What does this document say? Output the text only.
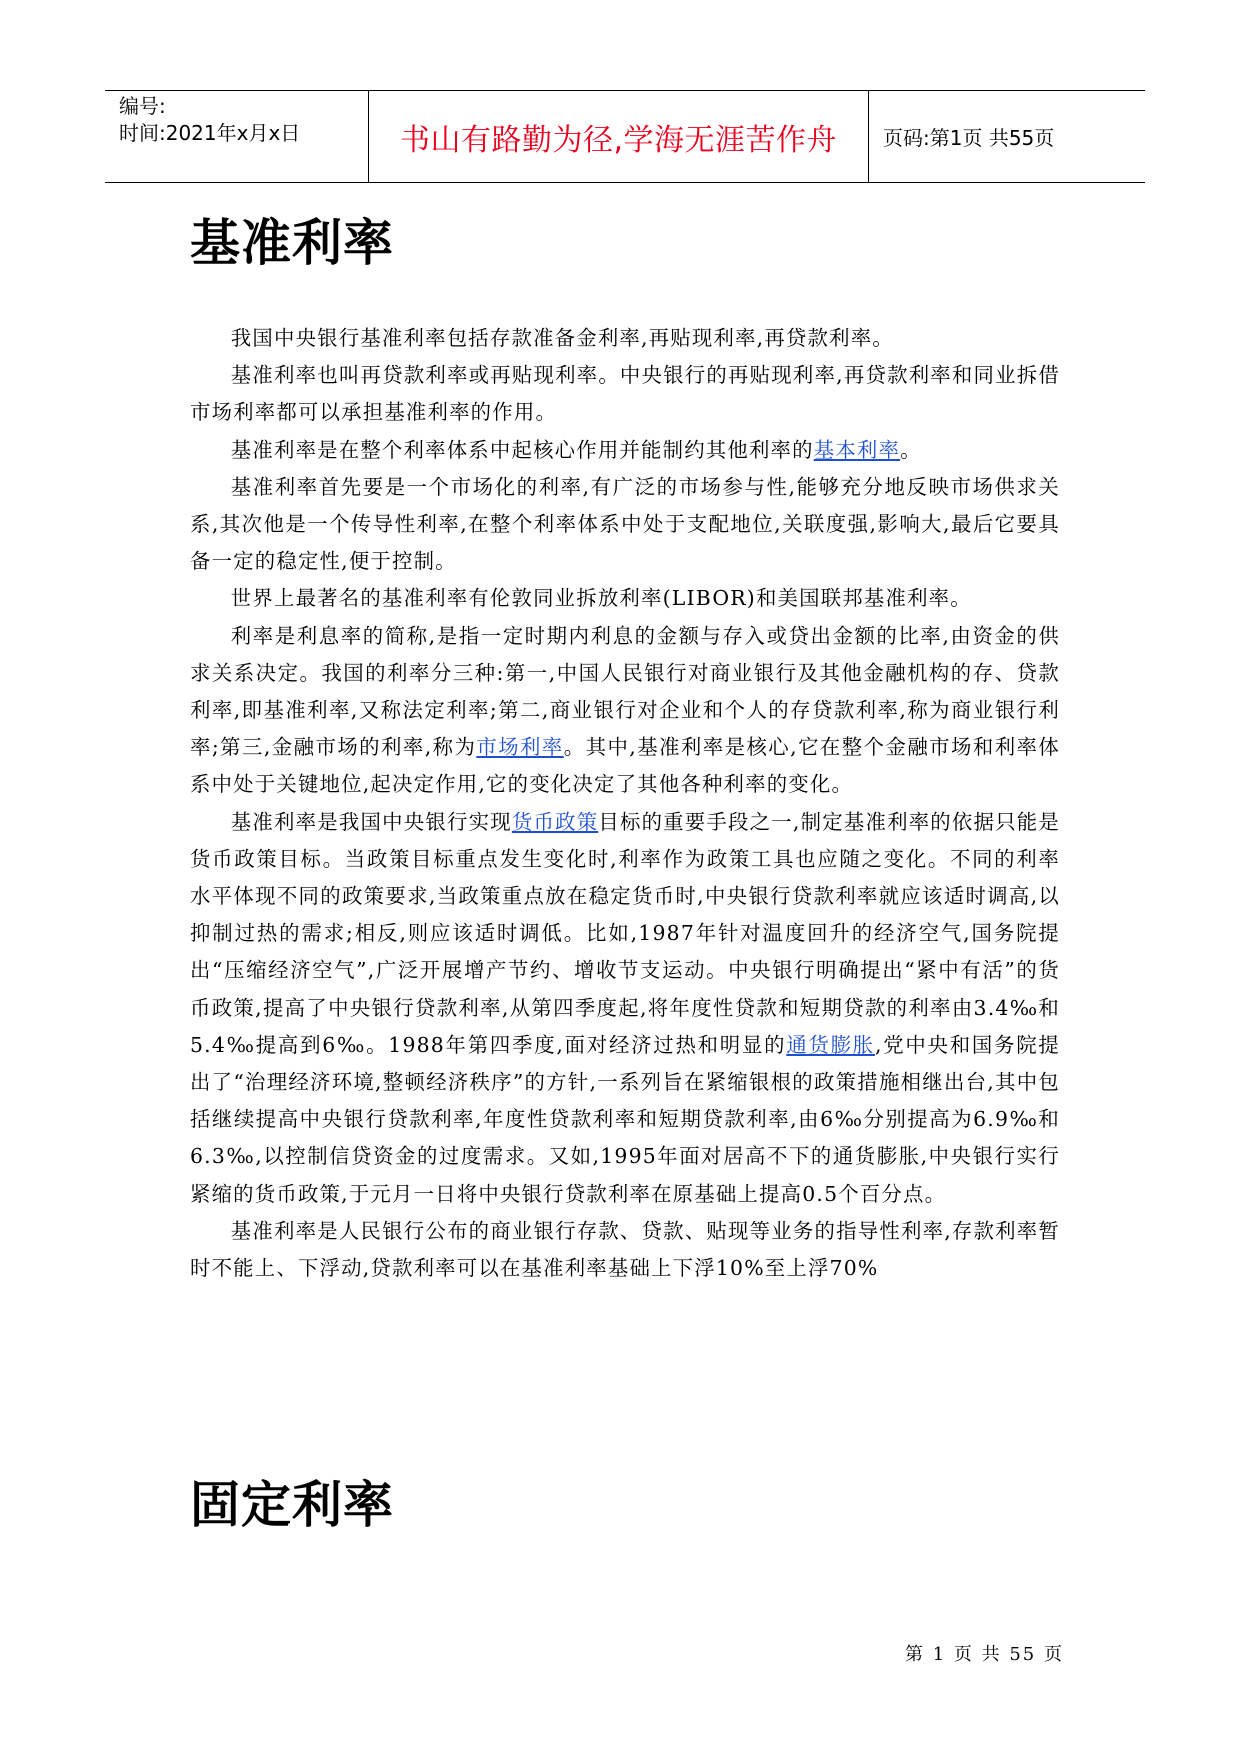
编号:
时间:2021年x月x日	书山有路勤为径,学海无涯苦作舟	页码:第1页 共55页
基准利率

我国中央银行基准利率包括存款准备金利率,再贴现利率,再贷款利率。

基准利率也叫再贷款利率或再贴现利率。中央银行的再贴现利率,再贷款利率和同业拆借市场利率都可以承担基准利率的作用。

基准利率是在整个利率体系中起核心作用并能制约其他利率的基本利率。

基准利率首先要是一个市场化的利率,有广泛的市场参与性,能够充分地反映市场供求关系,其次他是一个传导性利率,在整个利率体系中处于支配地位,关联度强,影响大,最后它要具备一定的稳定性,便于控制。

世界上最著名的基准利率有伦敦同业拆放利率(LIBOR)和美国联邦基准利率。

利率是利息率的简称,是指一定时期内利息的金额与存入或贷出金额的比率,由资金的供求关系决定。我国的利率分三种:第一,中国人民银行对商业银行及其他金融机构的存、贷款利率,即基准利率,又称法定利率;第二,商业银行对企业和个人的存贷款利率,称为商业银行利率;第三,金融市场的利率,称为市场利率。其中,基准利率是核心,它在整个金融市场和利率体系中处于关键地位,起决定作用,它的变化决定了其他各种利率的变化。

基准利率是我国中央银行实现货币政策目标的重要手段之一,制定基准利率的依据只能是货币政策目标。当政策目标重点发生变化时,利率作为政策工具也应随之变化。不同的利率水平体现不同的政策要求,当政策重点放在稳定货币时,中央银行贷款利率就应该适时调高,以抑制过热的需求;相反,则应该适时调低。比如,1987年针对温度回升的经济空气,国务院提出“压缩经济空气”,广泛开展增产节约、增收节支运动。中央银行明确提出“紧中有活”的货币政策,提高了中央银行贷款利率,从第四季度起,将年度性贷款和短期贷款的利率由3.4‰和5.4‰提高到6‰。1988年第四季度,面对经济过热和明显的通货膨胀,党中央和国务院提出了“治理经济环境,整顿经济秩序”的方针,一系列旨在紧缩银根的政策措施相继出台,其中包括继续提高中央银行贷款利率,年度性贷款利率和短期贷款利率,由6‰分别提高为6.9‰和6.3‰,以控制信贷资金的过度需求。又如,1995年面对居高不下的通货膨胀,中央银行实行紧缩的货币政策,于元月一日将中央银行贷款利率在原基础上提高0.5个百分点。

基准利率是人民银行公布的商业银行存款、贷款、贴现等业务的指导性利率,存款利率暂时不能上、下浮动,贷款利率可以在基准利率基础上下浮10%至上浮70%

固定利率
第 1 页 共 55 页
